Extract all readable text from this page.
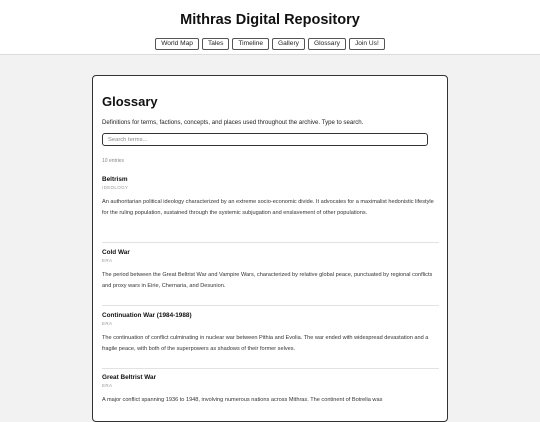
Mithras Digital Repository
World Map Tales Timeline Gallery Glossary Join Us!
Glossary
Definitions for terms, factions, concepts, and places used throughout the archive. Type to search.
Search terms...
10 entries
Beltrism
IDEOLOGY
An authoritarian political ideology characterized by an extreme socio-economic divide. It advocates for a maximalist hedonistic lifestyle for the ruling population, sustained through the systemic subjugation and enslavement of other populations.
Cold War
ERA
The period between the Great Beltrist War and Vampire Wars, characterized by relative global peace, punctuated by regional conflicts and proxy wars in Eirie, Chernaria, and Desunion.
Continuation War (1984-1988)
ERA
The continuation of conflict culminating in nuclear war between Pithia and Evolia. The war ended with widespread devastation and a fragile peace, with both of the superpowers as shadows of their former selves.
Great Beltrist War
ERA
A major conflict spanning 1936 to 1948, involving numerous nations across Mithras. The continent of Botrelia was
